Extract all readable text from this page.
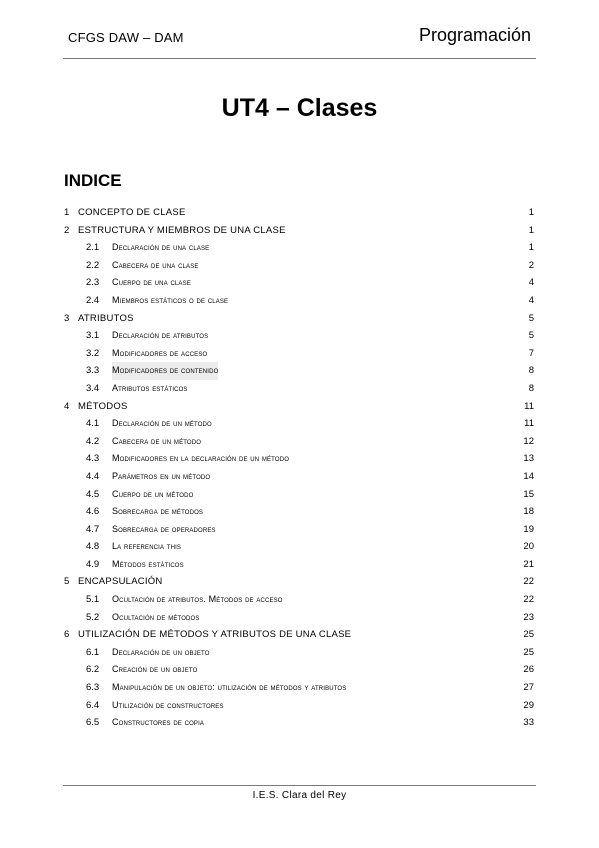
CFGS DAW – DAM	Programación
UT4 – Clases
INDICE
1 CONCEPTO DE CLASE	1
2 ESTRUCTURA Y MIEMBROS DE UNA CLASE	1
2.1 Declaración de una clase	1
2.2 Cabecera de una clase	2
2.3 Cuerpo de una clase	4
2.4 Miembros estáticos o de clase	4
3 ATRIBUTOS	5
3.1 Declaración de atributos	5
3.2 Modificadores de acceso	7
3.3 Modificadores de contenido	8
3.4 Atributos estáticos	8
4 MÉTODOS	11
4.1 Declaración de un método	11
4.2 Cabecera de un método	12
4.3 Modificadores en la declaración de un método	13
4.4 Parámetros en un método	14
4.5 Cuerpo de un método	15
4.6 Sobrecarga de métodos	18
4.7 Sobrecarga de operadores	19
4.8 La referencia this	20
4.9 Métodos estáticos	21
5 ENCAPSULACIÓN	22
5.1 Ocultación de atributos. Métodos de acceso	22
5.2 Ocultación de métodos	23
6 UTILIZACIÓN DE MÉTODOS Y ATRIBUTOS DE UNA CLASE	25
6.1 Declaración de un objeto	25
6.2 Creación de un objeto	26
6.3 Manipulación de un objeto: utilización de métodos y atributos	27
6.4 Utilización de constructores	29
6.5 Constructores de copia	33
I.E.S. Clara del Rey
